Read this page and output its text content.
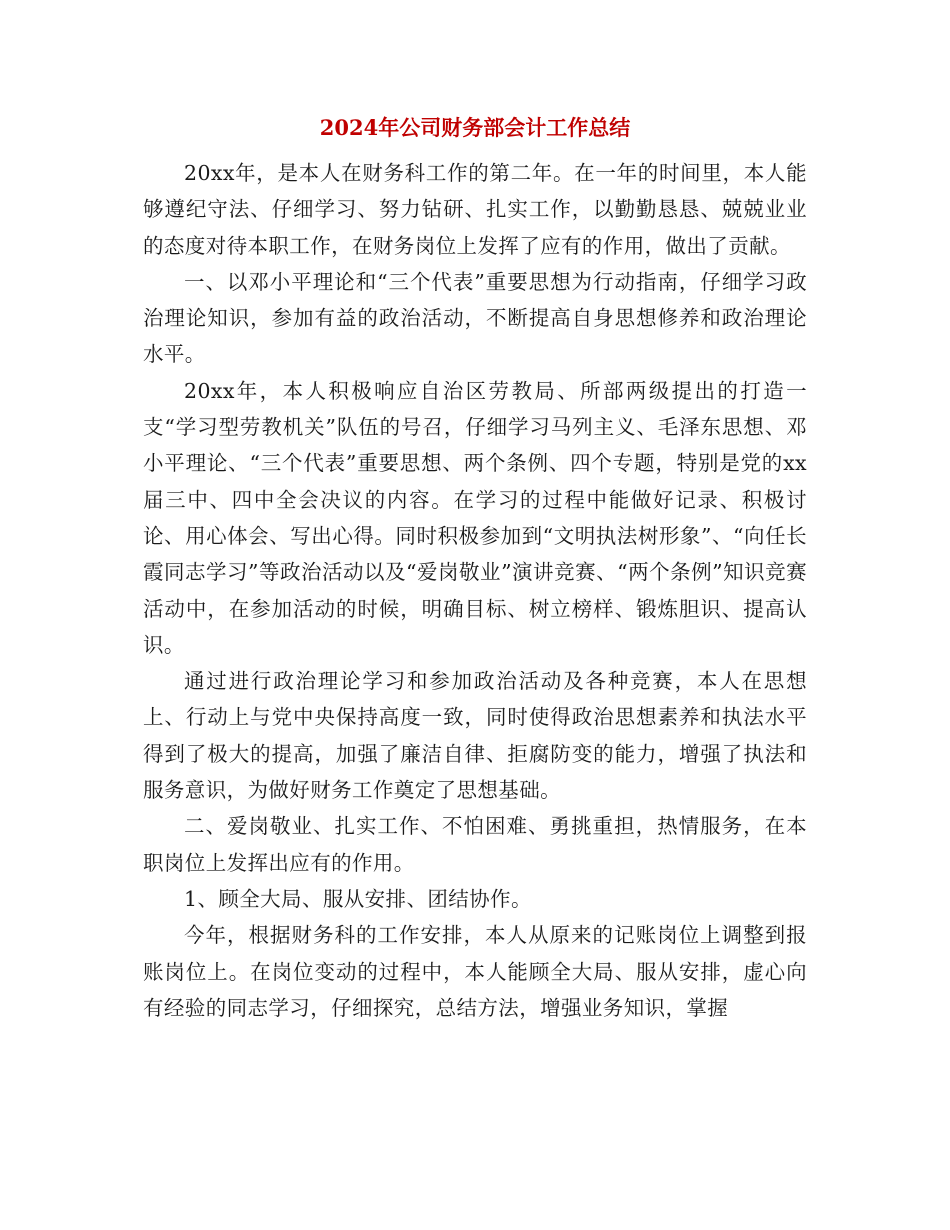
2024年公司财务部会计工作总结

20xx年，是本人在财务科工作的第二年。在一年的时间里，本人能够遵纪守法、仔细学习、努力钻研、扎实工作，以勤勤恳恳、兢兢业业的态度对待本职工作，在财务岗位上发挥了应有的作用，做出了贡献。

一、以邓小平理论和“三个代表”重要思想为行动指南，仔细学习政治理论知识，参加有益的政治活动，不断提高自身思想修养和政治理论水平。

20xx年，本人积极响应自治区劳教局、所部两级提出的打造一支“学习型劳教机关”队伍的号召，仔细学习马列主义、毛泽东思想、邓小平理论、“三个代表”重要思想、两个条例、四个专题，特别是党的xx届三中、四中全会决议的内容。在学习的过程中能做好记录、积极讨论、用心体会、写出心得。同时积极参加到“文明执法树形象”、“向任长霞同志学习”等政治活动以及“爱岗敬业”演讲竞赛、“两个条例”知识竞赛活动中，在参加活动的时候，明确目标、树立榜样、锻炼胆识、提高认识。

通过进行政治理论学习和参加政治活动及各种竞赛，本人在思想上、行动上与党中央保持高度一致，同时使得政治思想素养和执法水平得到了极大的提高，加强了廉洁自律、拒腐防变的能力，增强了执法和服务意识，为做好财务工作奠定了思想基础。

二、爱岗敬业、扎实工作、不怕困难、勇挑重担，热情服务，在本职岗位上发挥出应有的作用。

1、顾全大局、服从安排、团结协作。

今年，根据财务科的工作安排，本人从原来的记账岗位上调整到报账岗位上。在岗位变动的过程中，本人能顾全大局、服从安排，虚心向有经验的同志学习，仔细探究，总结方法，增强业务知识，掌握
